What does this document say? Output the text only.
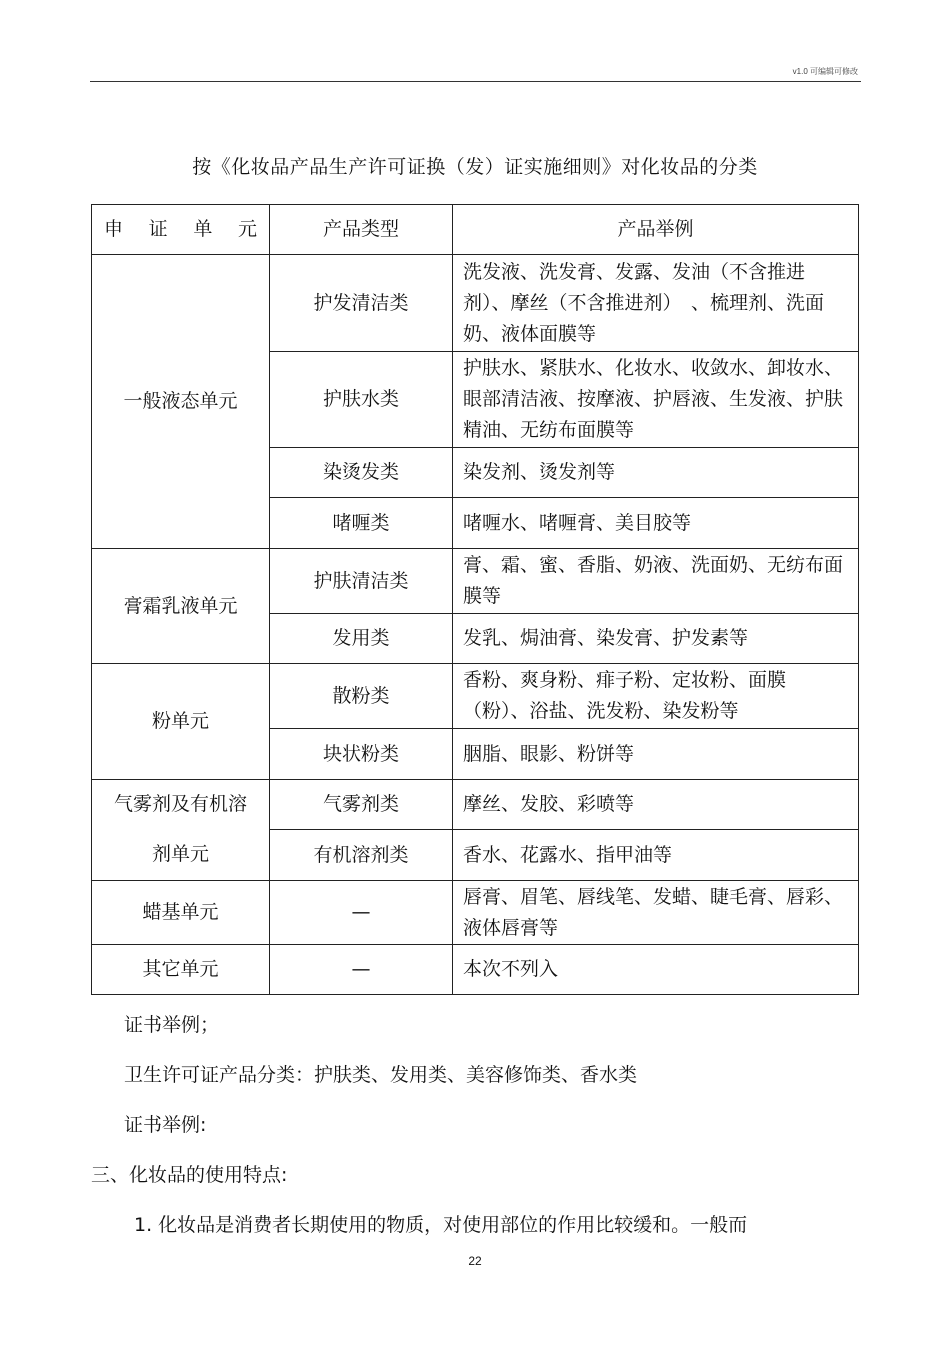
v1.0 可编辑可修改
按《化妆品产品生产许可证换（发）证实施细则》对化妆品的分类
申　证　单　元	产品类型	产品举例
一般液态单元	护发清洁类	洗发液、洗发膏、发露、发油（不含推进剂）、摩丝（不含推进剂）　、梳理剂、洗面奶、液体面膜等
	护肤水类	护肤水、紧肤水、化妆水、收敛水、卸妆水、眼部清洁液、按摩液、护唇液、生发液、护肤精油、无纺布面膜等
	染烫发类	染发剂、烫发剂等
	啫喱类	啫喱水、啫喱膏、美目胶等
膏霜乳液单元	护肤清洁类	膏、霜、蜜、香脂、奶液、洗面奶、无纺布面膜等
	发用类	发乳、焗油膏、染发膏、护发素等
粉单元	散粉类	香粉、爽身粉、痱子粉、定妆粉、面膜（粉）、浴盐、洗发粉、染发粉等
	块状粉类	胭脂、眼影、粉饼等
气雾剂及有机溶	气雾剂类	摩丝、发胶、彩喷等
剂单元	有机溶剂类	香水、花露水、指甲油等
蜡基单元	—	唇膏、眉笔、唇线笔、发蜡、睫毛膏、唇彩、液体唇膏等
其它单元	—	本次不列入
证书举例；
卫生许可证产品分类：护肤类、发用类、美容修饰类、香水类
证书举例:
三、化妆品的使用特点:
1. 化妆品是消费者长期使用的物质，对使用部位的作用比较缓和。一般而
22
